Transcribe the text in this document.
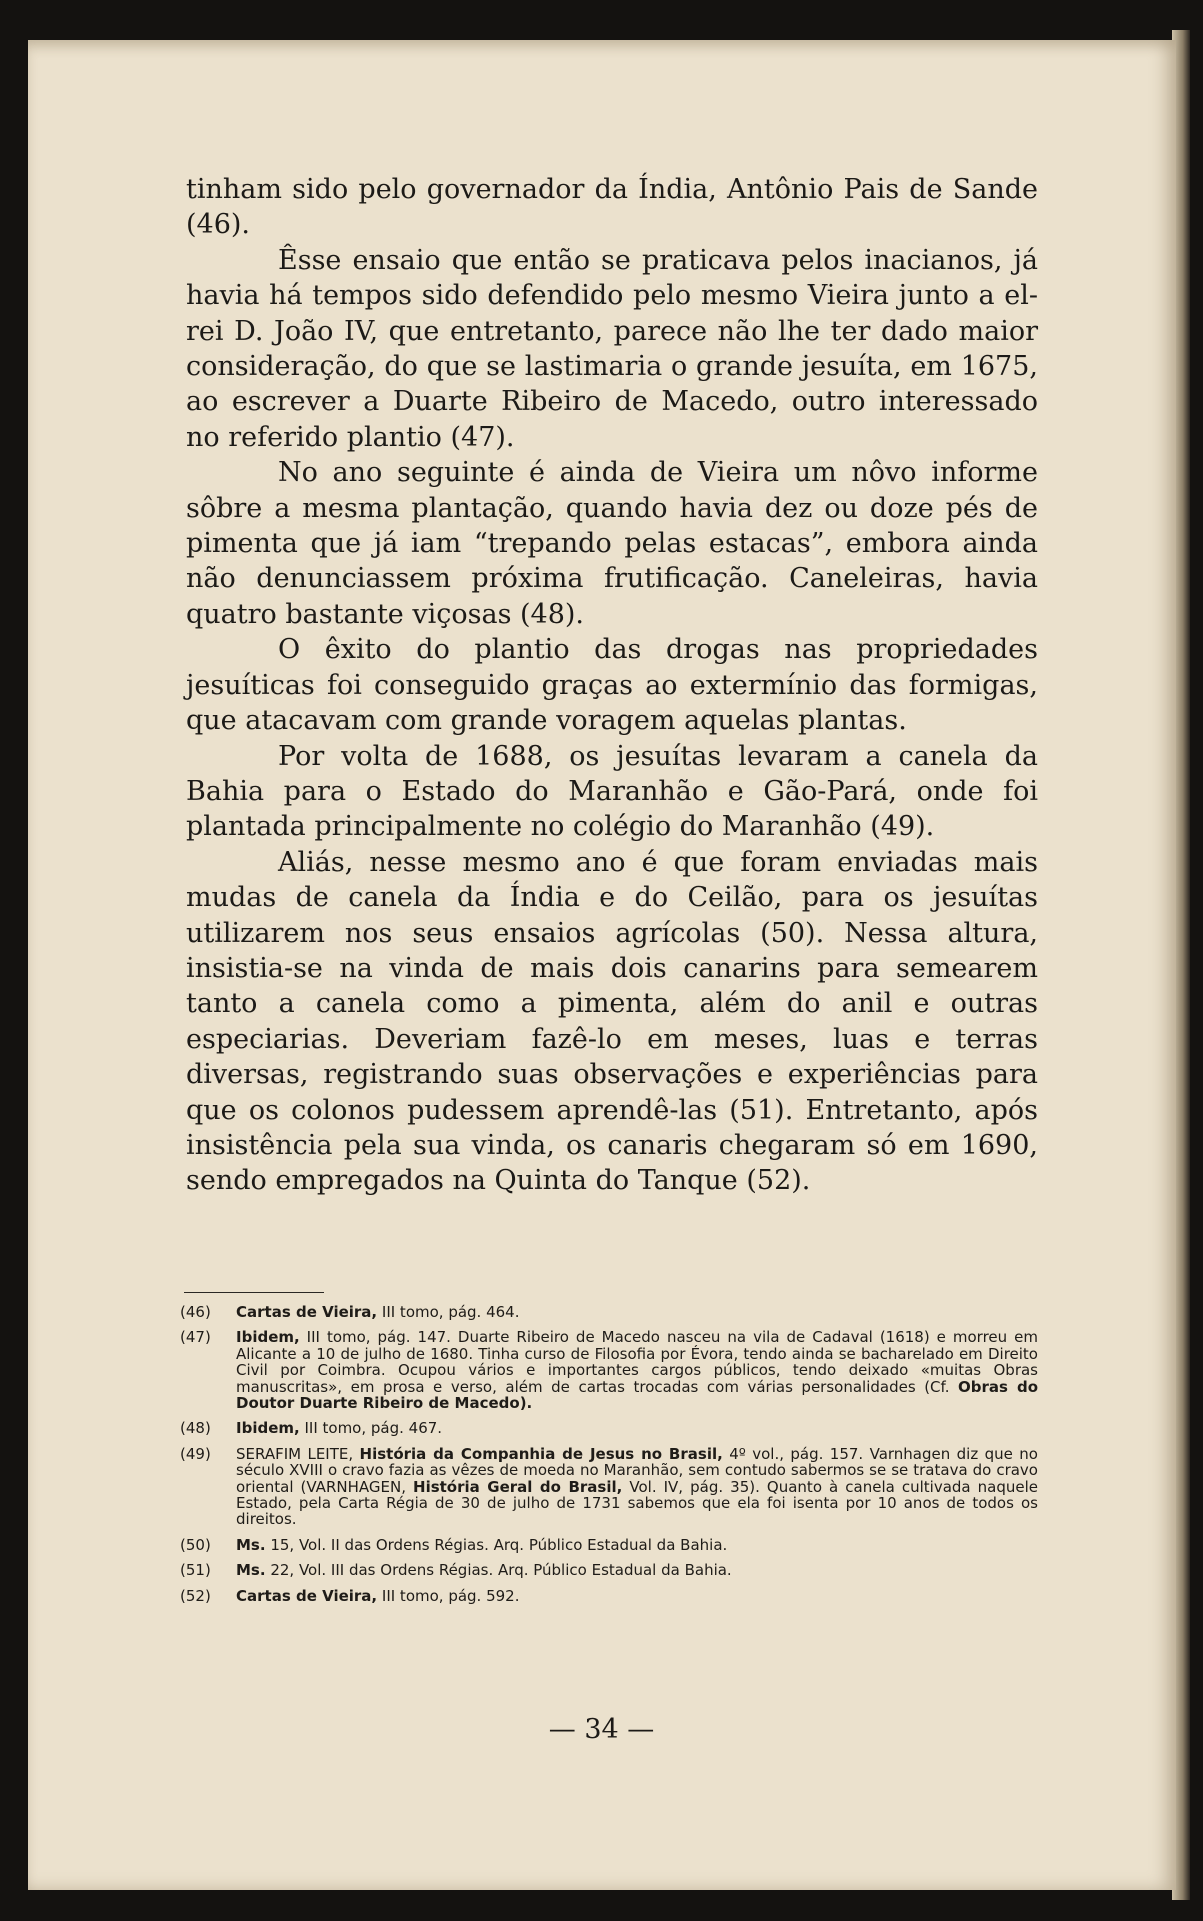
tinham sido pelo governador da Índia, Antônio Pais de Sande (46).

Êsse ensaio que então se praticava pelos inacianos, já havia há tempos sido defendido pelo mesmo Vieira junto a el-rei D. João IV, que entretanto, parece não lhe ter dado maior consideração, do que se lastimaria o grande jesuíta, em 1675, ao escrever a Duarte Ribeiro de Macedo, outro interessado no referido plantio (47).

No ano seguinte é ainda de Vieira um nôvo informe sôbre a mesma plantação, quando havia dez ou doze pés de pimenta que já iam “trepando pelas estacas”, embora ainda não denunciassem próxima frutificação. Caneleiras, havia quatro bastante viçosas (48).

O êxito do plantio das drogas nas propriedades jesuíticas foi conseguido graças ao extermínio das formigas, que atacavam com grande voragem aquelas plantas.

Por volta de 1688, os jesuítas levaram a canela da Bahia para o Estado do Maranhão e Gão-Pará, onde foi plantada principalmente no colégio do Maranhão (49).

Aliás, nesse mesmo ano é que foram enviadas mais mudas de canela da Índia e do Ceilão, para os jesuítas utilizarem nos seus ensaios agrícolas (50). Nessa altura, insistia-se na vinda de mais dois canarins para semearem tanto a canela como a pimenta, além do anil e outras especiarias. Deveriam fazê-lo em meses, luas e terras diversas, registrando suas observações e experiências para que os colonos pudessem aprendê-las (51). Entretanto, após insistência pela sua vinda, os canaris chegaram só em 1690, sendo empregados na Quinta do Tanque (52).

(46)	Cartas de Vieira, III tomo, pág. 464.
(47)	Ibidem, III tomo, pág. 147. Duarte Ribeiro de Macedo nasceu na vila de Cadaval (1618) e morreu em Alicante a 10 de julho de 1680. Tinha curso de Filosofia por Évora, tendo ainda se bacharelado em Direito Civil por Coimbra. Ocupou vários e importantes cargos públicos, tendo deixado «muitas Obras manuscritas», em prosa e verso, além de cartas trocadas com várias personalidades (Cf. Obras do Doutor Duarte Ribeiro de Macedo).
(48)	Ibidem, III tomo, pág. 467.
(49)	SERAFIM LEITE, História da Companhia de Jesus no Brasil, 4º vol., pág. 157. Varnhagen diz que no século XVIII o cravo fazia as vêzes de moeda no Maranhão, sem contudo sabermos se se tratava do cravo oriental (VARNHAGEN, História Geral do Brasil, Vol. IV, pág. 35). Quanto à canela cultivada naquele Estado, pela Carta Régia de 30 de julho de 1731 sabemos que ela foi isenta por 10 anos de todos os direitos.
(50)	Ms. 15, Vol. II das Ordens Régias. Arq. Público Estadual da Bahia.
(51)	Ms. 22, Vol. III das Ordens Régias. Arq. Público Estadual da Bahia.
(52)	Cartas de Vieira, III tomo, pág. 592.
— 34 —
